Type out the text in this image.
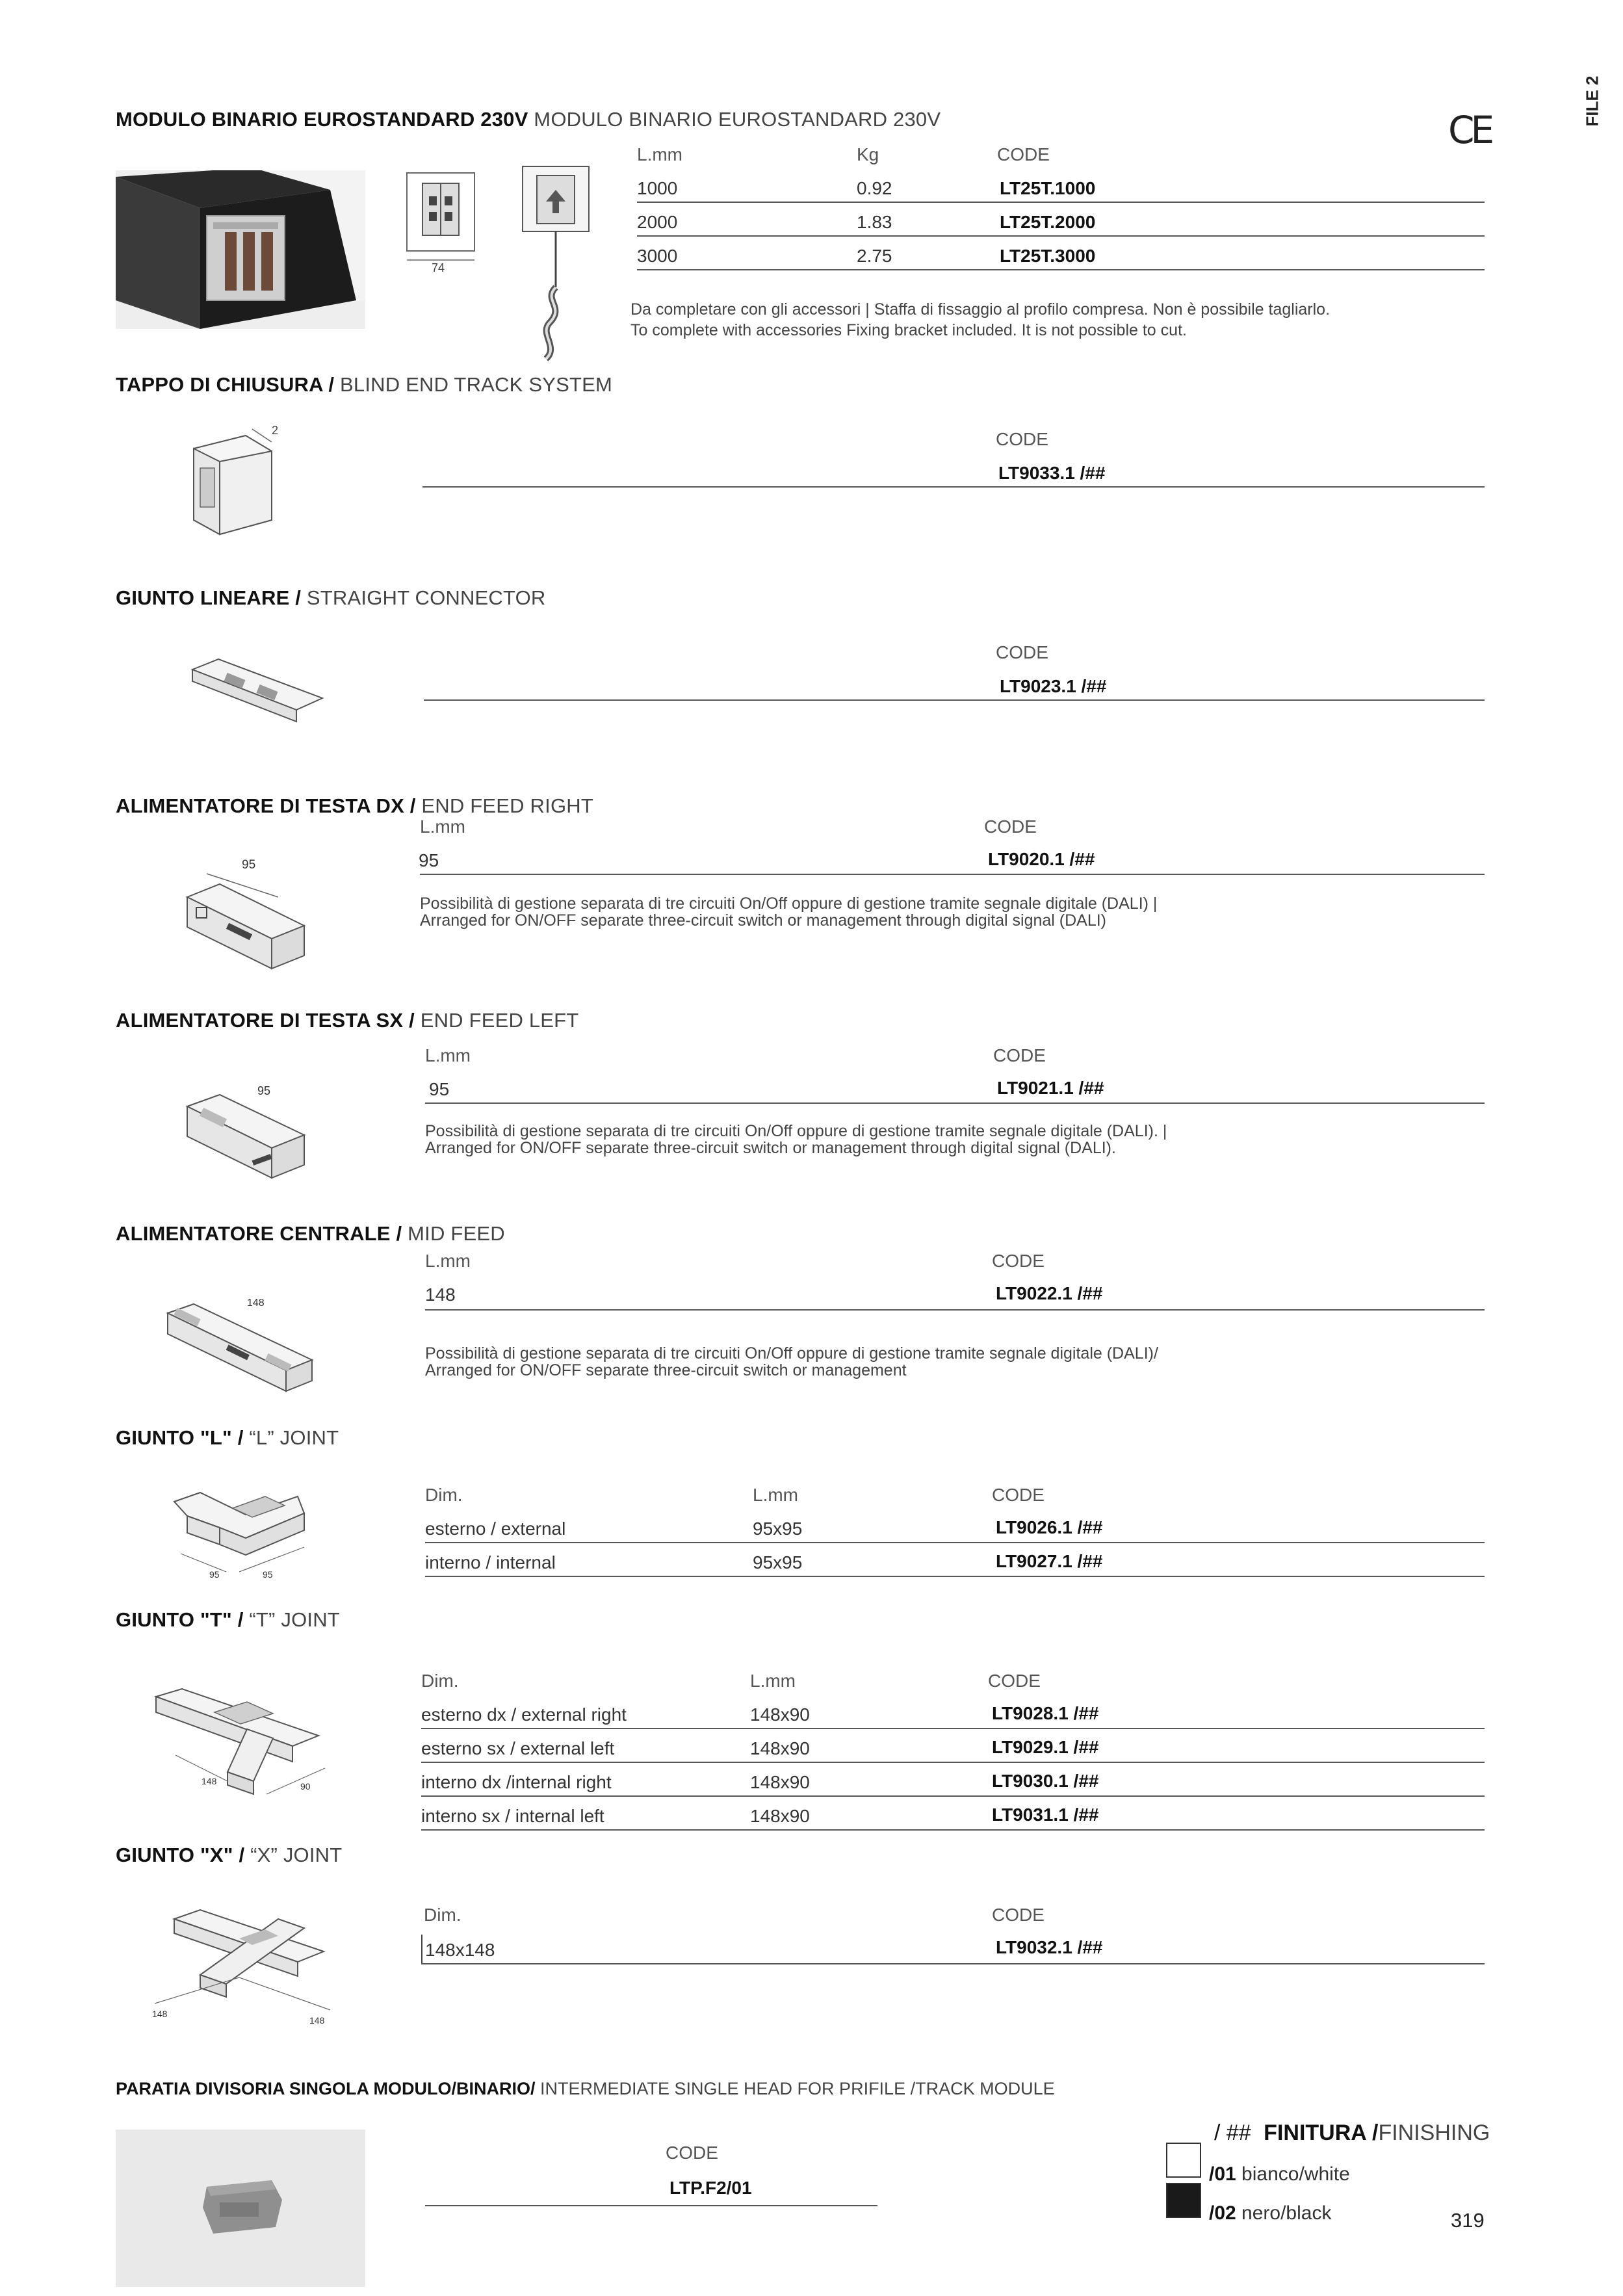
FILE 2
CE
MODULO BINARIO EUROSTANDARD 230V MODULO BINARIO EUROSTANDARD 230V
74
L.mm	Kg	CODE
1000	0.92	LT25T.1000
2000	1.83	LT25T.2000
3000	2.75	LT25T.3000
Da completare con gli accessori | Staffa di fissaggio al profilo compresa. Non è possibile tagliarlo.
To complete with accessories Fixing bracket included. It is not possible to cut.
TAPPO DI CHIUSURA / BLIND END TRACK SYSTEM
2	CODE
LT9033.1 /##
GIUNTO LINEARE / STRAIGHT CONNECTOR
CODE
LT9023.1 /##
ALIMENTATORE DI TESTA DX / END FEED RIGHT
95
L.mm	CODE
95	LT9020.1 /##
Possibilità di gestione separata di tre circuiti On/Off oppure di gestione tramite segnale digitale (DALI) |
Arranged for ON/OFF separate three-circuit switch or management through digital signal (DALI)
ALIMENTATORE DI TESTA SX / END FEED LEFT
95
L.mm	CODE
95	LT9021.1 /##
Possibilità di gestione separata di tre circuiti On/Off oppure di gestione tramite segnale digitale (DALI). |
Arranged for ON/OFF separate three-circuit switch or management through digital signal (DALI).
ALIMENTATORE CENTRALE / MID FEED
148
L.mm	CODE
148	LT9022.1 /##
Possibilità di gestione separata di tre circuiti On/Off oppure di gestione tramite segnale digitale (DALI)/
Arranged for ON/OFF separate three-circuit switch or management
GIUNTO "L" / “L” JOINT
95	95
Dim.	L.mm	CODE
esterno / external	95x95	LT9026.1 /##
interno / internal	95x95	LT9027.1 /##
GIUNTO "T" / “T” JOINT
148	90
Dim.	L.mm	CODE
esterno dx / external right	148x90	LT9028.1 /##
esterno sx / external left	148x90	LT9029.1 /##
interno dx /internal right	148x90	LT9030.1 /##
interno sx / internal left	148x90	LT9031.1 /##
GIUNTO "X" / “X” JOINT
148
148
Dim.	CODE
148x148	LT9032.1 /##
PARATIA DIVISORIA SINGOLA MODULO/BINARIO/ INTERMEDIATE SINGLE HEAD FOR PRIFILE /TRACK MODULE
CODE
LTP.F2/01
/ ## FINITURA /FINISHING
/01 bianco/white
/02 nero/black	319
